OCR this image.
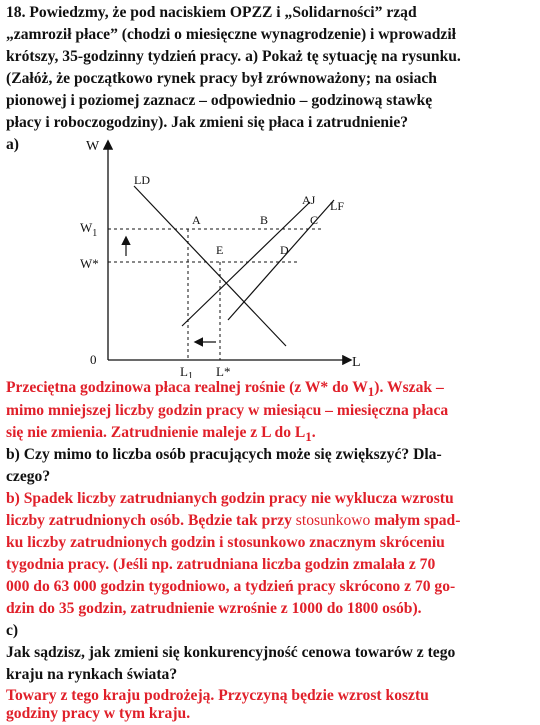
18. Powiedzmy, że pod naciskiem OPZZ i „Solidarności” rząd
„zamroził płace” (chodzi o miesięczne wynagrodzenie) i wprowadził
krótszy, 35-godzinny tydzień pracy. a) Pokaż tę sytuację na rysunku.
(Załóż, że początkowo rynek pracy był zrównoważony; na osiach
pionowej i poziomej zaznacz – odpowiednio – godzinową stawkę
płacy i roboczogodziny). Jak zmieni się płaca i zatrudnienie?
a)	W
L
0
$W_1$
W*
LD
AJ LF
A	B	C
E	D
$L_1$ L*
Przeciętna godzinowa płaca realnej rośnie (z W* do $W_1$). Wszak –
mimo mniejszej liczby godzin pracy w miesiącu – miesięczna płaca
się nie zmienia. Zatrudnienie maleje z L do $L_1$.
b) Czy mimo to liczba osób pracujących może się zwiększyć? Dla-
czego?
b) Spadek liczby zatrudnianych godzin pracy nie wyklucza wzrostu
liczby zatrudnionych osób. Będzie tak przy stosunkowo małym spad-
ku liczby zatrudnionych godzin i stosunkowo znacznym skróceniu
tygodnia pracy. (Jeśli np. zatrudniana liczba godzin zmalała z 70
000 do 63 000 godzin tygodniowo, a tydzień pracy skrócono z 70 go-
dzin do 35 godzin, zatrudnienie wzrośnie z 1000 do 1800 osób).
c)
Jak sądzisz, jak zmieni się konkurencyjność cenowa towarów z tego
kraju na rynkach świata?
Towary z tego kraju podrożeją. Przyczyną będzie wzrost kosztu
godziny pracy w tym kraju.
